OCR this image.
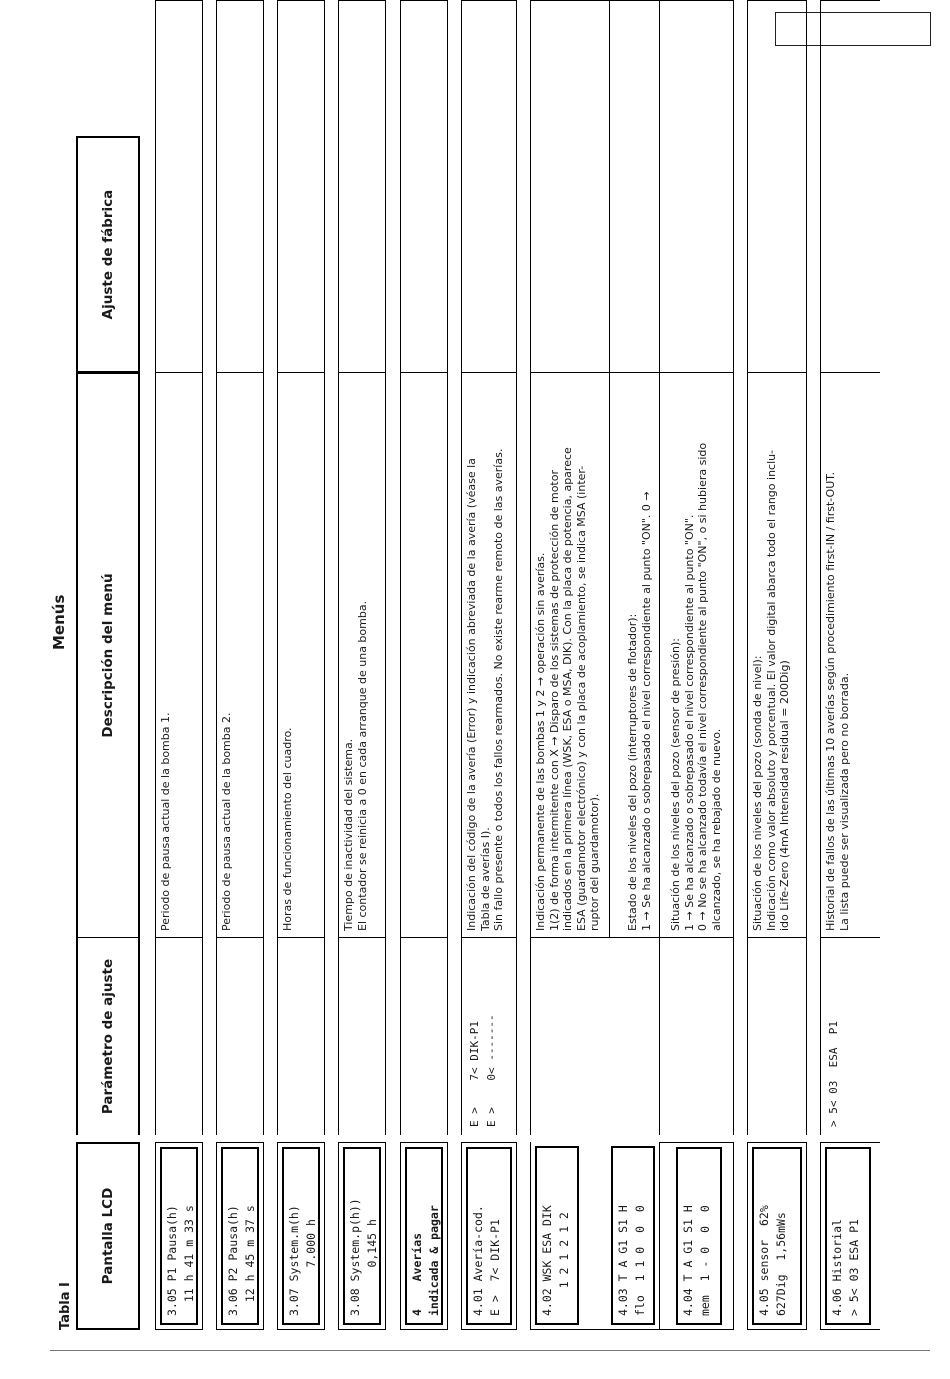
Tabla I
Menús
Pantalla LCD
Parámetro de ajuste
Descripción del menú
Ajuste de fábrica
3.05 P1 Pausa(h)
11 h 41 m 33 s
Periodo de pausa actual de la bomba 1.
3.06 P2 Pausa(h)
12 h 45 m 37 s
Periodo de pausa actual de la bomba 2.
3.07 System.m(h)
7.000 h
Horas de funcionamiento del cuadro.
3.08 System.p(h))
0,145 h
Tiempo de inactividad del sistema. El contador se reinicia a 0 en cada arranque de una bomba.
4    Averías
indicada & pagar
4.01 Avería-cod.
E >  7< DIK-P1
E >    7< DIK-P1
E >    0< -------
Indicación del código de la avería (Error) y indicación abreviada de la avería (véase la Tabla de averías I). Sin fallo presente o todos los fallos rearmados. No existe rearme remoto de las averías.
4.02 WSK ESA DIK
1 2 1 2 1 2
4.03 T A G1 S1 H
flo  1 1 0  0  0
Indicación permanente de las bombas 1 y 2 → operación sin averías. 1(2) de forma intermitente con X → Disparo de los sistemas de protección de motor indicados en la primera línea (WSK, ESA o MSA, DIK). Con la placa de potencia, aparece ESA (guardamotor electrónico) y con la placa de acoplamiento, se indica MSA (inter- ruptor del guardamotor). Estado de los niveles del pozo (interruptores de flotador): 1 → Se ha alcanzado o sobrepasado el nivel correspondiente al punto "ON". 0 →
4.04 T A G1 S1 H
mem  1 - 0  0  0
Situación de los niveles del pozo (sensor de presión): 1 → Se ha alcanzado o sobrepasado el nivel correspondiente al punto "ON". 0 → No se ha alcanzado todavía el nivel correspondiente al punto "ON", o si hubiera sido alcanzado, se ha rebajado de nuevo.
4.05 sensor  62%
627Dig  1,56mWs
Situación de los niveles del pozo (sonda de nivel): Indicación como valor absoluto y porcentual. El valor digital abarca todo el rango inclu- ido Life-Zero (4mA Intensidad residual = 200Dig)
4.06 Historial
> 5< 03 ESA P1
> 5< 03  ESA  P1
Historial de fallos de las últimas 10 averías según procedimiento first-IN / first-OUT. La lista puede ser visualizada pero no borrada.
